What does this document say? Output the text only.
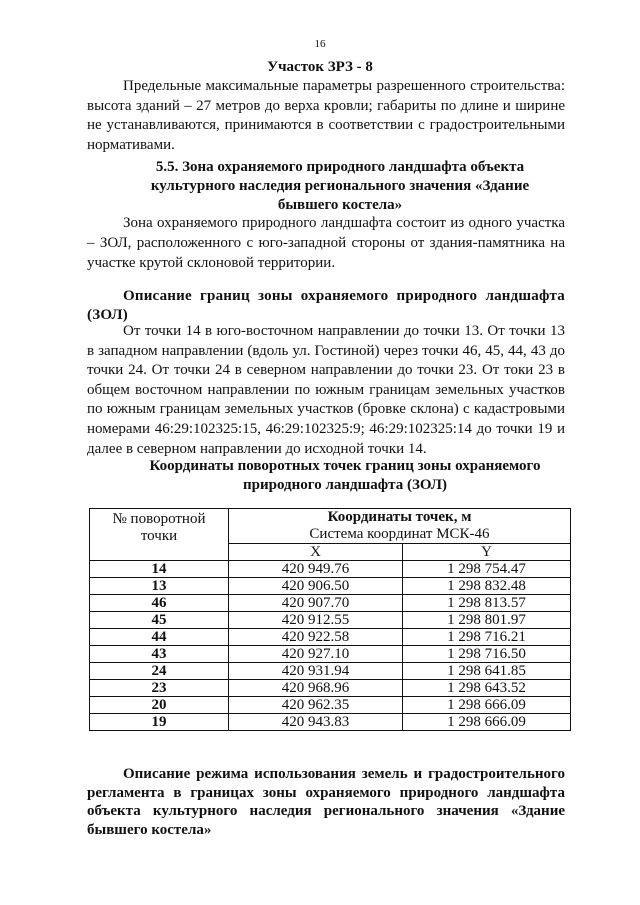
16
Участок ЗРЗ - 8
Предельные максимальные параметры разрешенного строительства: высота зданий – 27 метров до верха кровли; габариты по длине и ширине не устанавливаются, принимаются в соответствии с градостроительными нормативами.
5.5. Зона охраняемого природного ландшафта объекта культурного наследия регионального значения «Здание бывшего костела»
Зона охраняемого природного ландшафта состоит из одного участка – ЗОЛ, расположенного с юго-западной стороны от здания-памятника на участке крутой склоновой территории.
Описание границ зоны охраняемого природного ландшафта (ЗОЛ)
От точки 14 в юго-восточном направлении до точки 13. От точки 13 в западном направлении (вдоль ул. Гостиной) через точки 46, 45, 44, 43 до точки 24. От точки 24 в северном направлении до точки 23. От токи 23 в общем восточном направлении по южным границам земельных участков по южным границам земельных участков (бровке склона) с кадастровыми номерами 46:29:102325:15, 46:29:102325:9; 46:29:102325:14 до точки 19 и далее в северном направлении до исходной точки 14.
Координаты поворотных точек границ зоны охраняемого природного ландшафта (ЗОЛ)
№ поворотной точки	Координаты точек, м
Система координат МСК-46	
	X	Y
14	420 949.76	1 298 754.47
13	420 906.50	1 298 832.48
46	420 907.70	1 298 813.57
45	420 912.55	1 298 801.97
44	420 922.58	1 298 716.21
43	420 927.10	1 298 716.50
24	420 931.94	1 298 641.85
23	420 968.96	1 298 643.52
20	420 962.35	1 298 666.09
19	420 943.83	1 298 666.09
Описание режима использования земель и градостроительного регламента в границах зоны охраняемого природного ландшафта объекта культурного наследия регионального значения «Здание бывшего костела»
